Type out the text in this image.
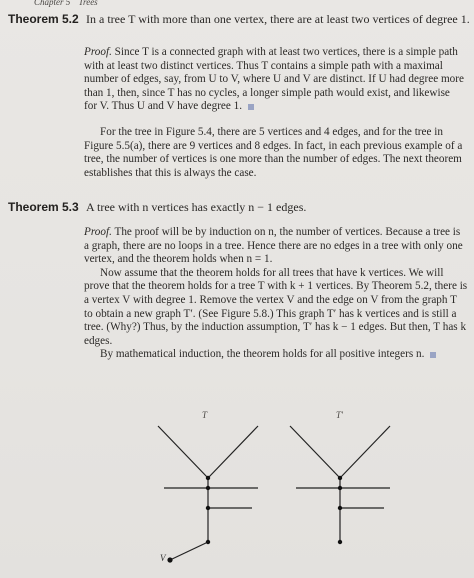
Chapter 5 Trees
Theorem 5.2 In a tree T with more than one vertex, there are at least two vertices of degree 1.

Proof. Since T is a connected graph with at least two vertices, there is a simple path with at least two distinct vertices. Thus T contains a simple path with a maximal number of edges, say, from U to V, where U and V are distinct. If U had degree more than 1, then, since T has no cycles, a longer simple path would exist, and likewise for V. Thus U and V have degree 1.

For the tree in Figure 5.4, there are 5 vertices and 4 edges, and for the tree in Figure 5.5(a), there are 9 vertices and 8 edges. In fact, in each previous example of a tree, the number of vertices is one more than the number of edges. The next theorem establishes that this is always the case.

Theorem 5.3 A tree with n vertices has exactly n − 1 edges.

Proof. The proof will be by induction on n, the number of vertices. Because a tree is a graph, there are no loops in a tree. Hence there are no edges in a tree with only one vertex, and the theorem holds when n = 1.

Now assume that the theorem holds for all trees that have k vertices. We will prove that the theorem holds for a tree T with k + 1 vertices. By Theorem 5.2, there is a vertex V with degree 1. Remove the vertex V and the edge on V from the graph T to obtain a new graph T′. (See Figure 5.8.) This graph T′ has k vertices and is still a tree. (Why?) Thus, by the induction assumption, T′ has k − 1 edges. But then, T has k edges.

By mathematical induction, the theorem holds for all positive integers n.

T	T′
V
